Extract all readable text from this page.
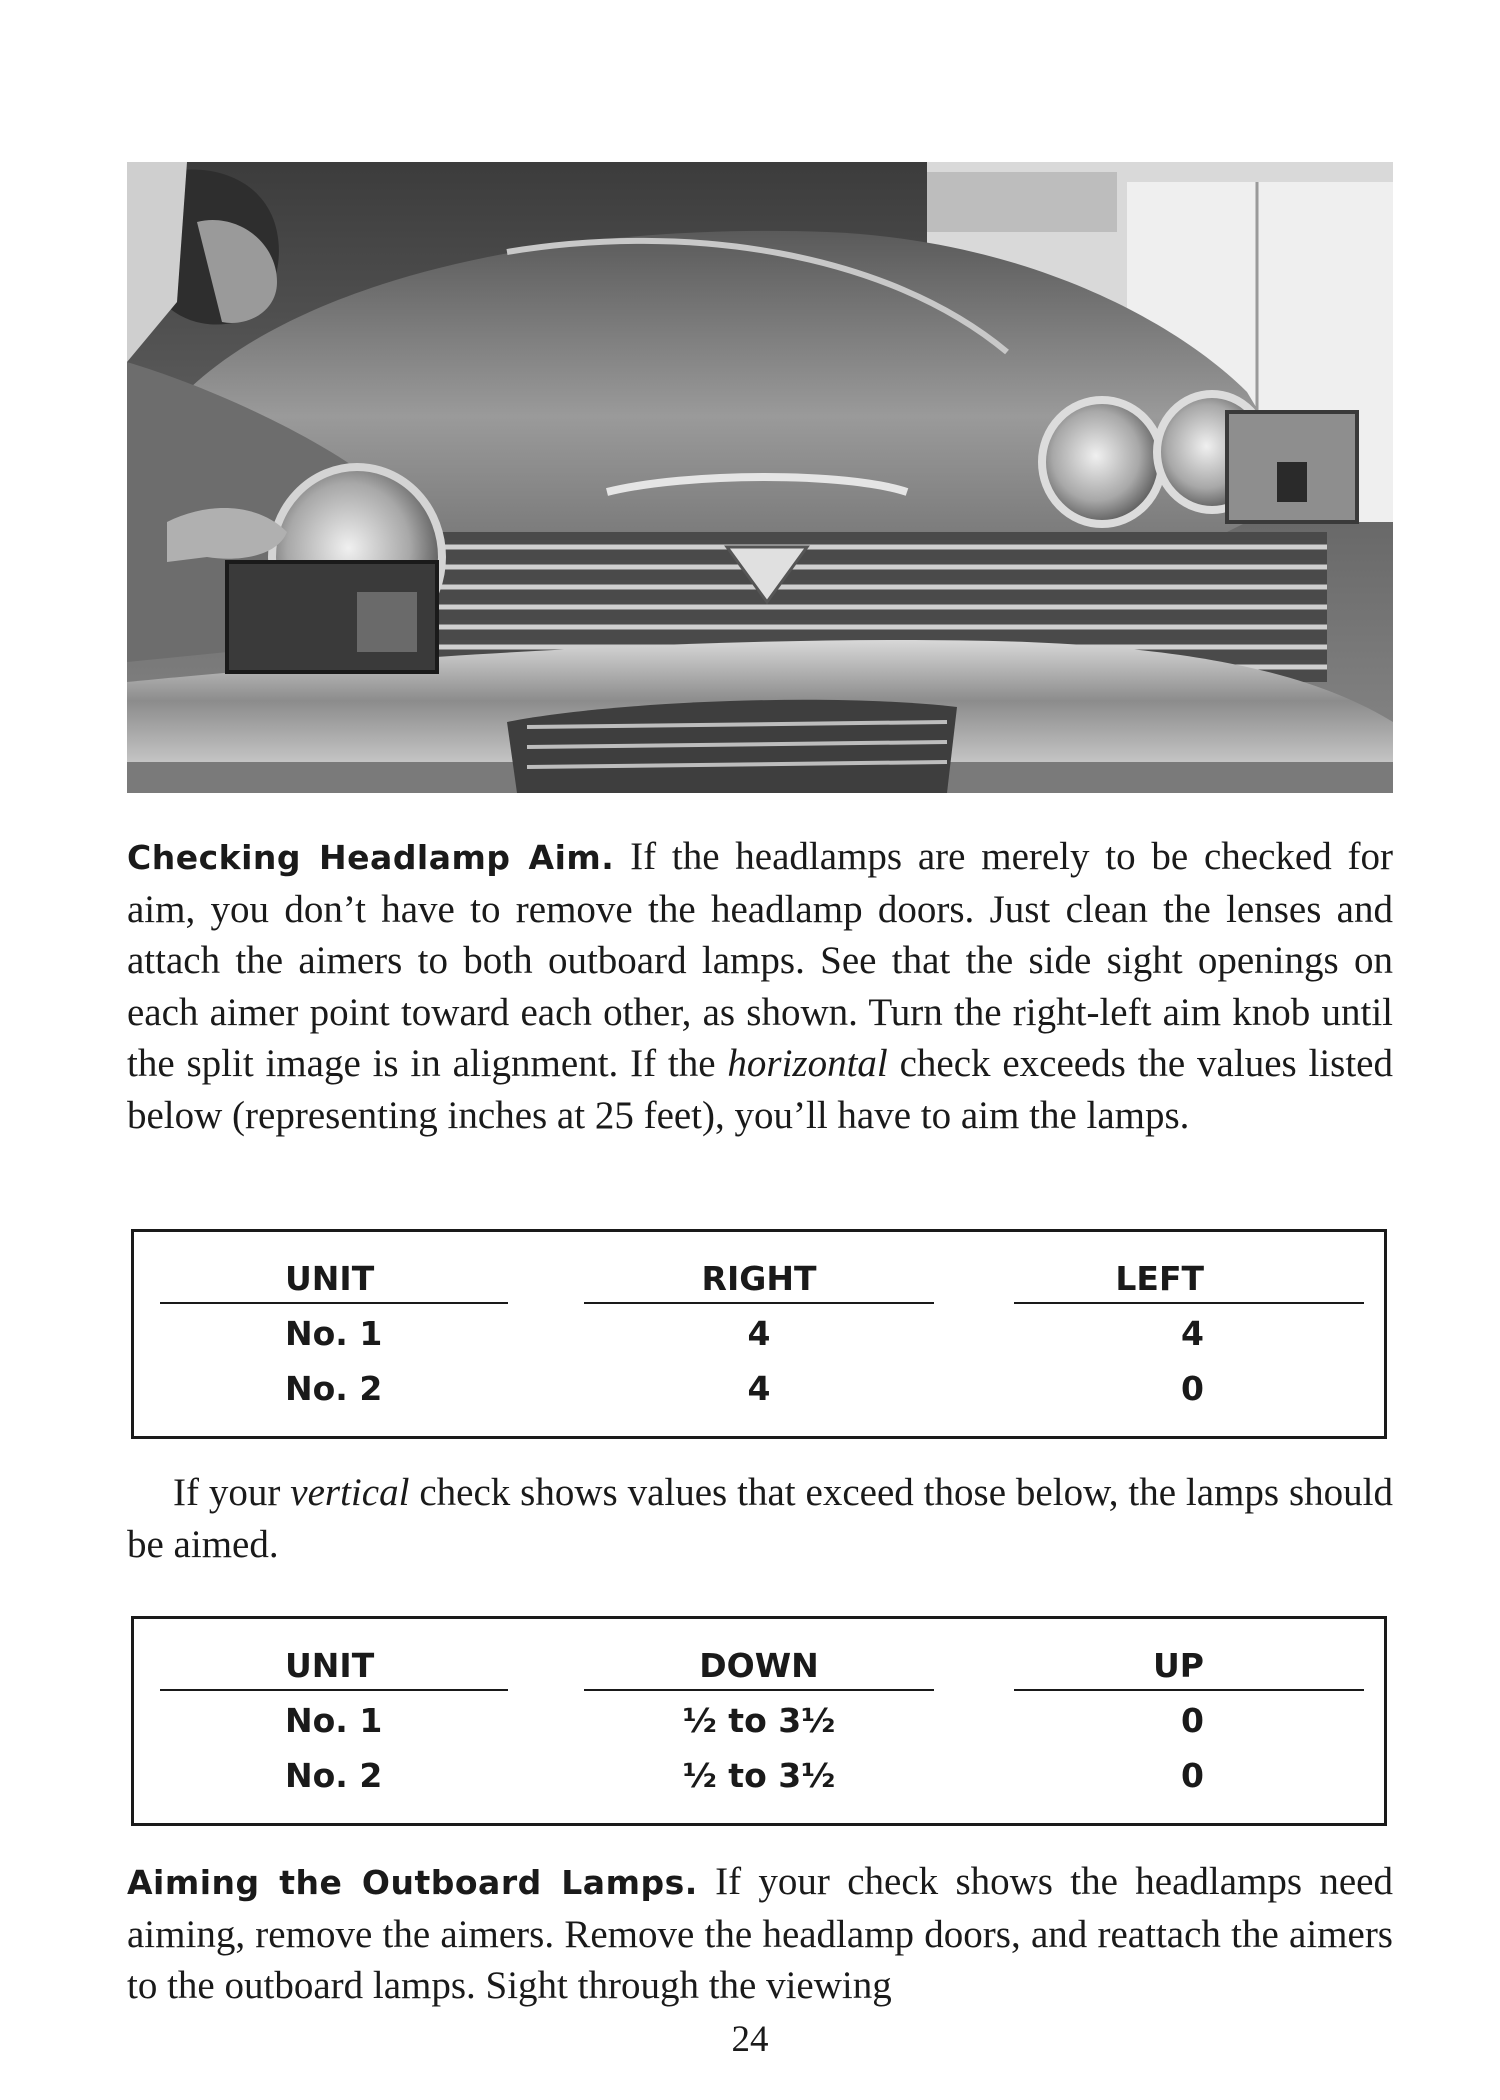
Checking Headlamp Aim. If the headlamps are merely to be checked for aim, you don’t have to remove the headlamp doors. Just clean the lenses and attach the aimers to both outboard lamps. See that the side sight openings on each aimer point toward each other, as shown. Turn the right-left aim knob until the split image is in alignment. If the horizontal check exceeds the values listed below (representing inches at 25 feet), you’ll have to aim the lamps.

UNIT
No. 1
No. 2
RIGHT
4
4
LEFT
4
0

If your vertical check shows values that exceed those below, the lamps should be aimed.

UNIT
No. 1
No. 2
DOWN
½ to 3½
½ to 3½
UP
0
0

Aiming the Outboard Lamps. If your check shows the headlamps need aiming, remove the aimers. Remove the headlamp doors, and reattach the aimers to the outboard lamps. Sight through the viewing

24
